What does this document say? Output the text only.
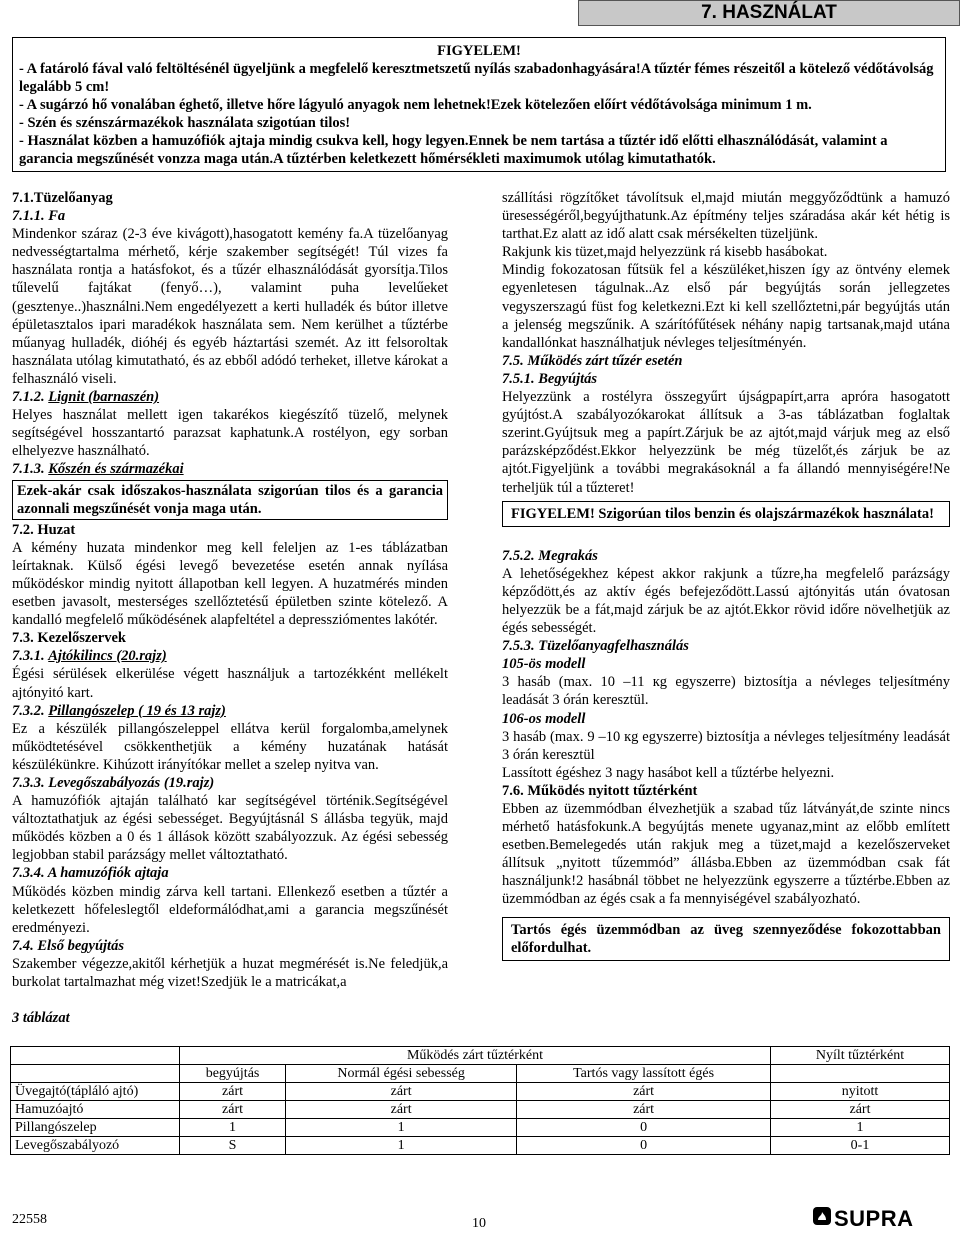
7. HASZNÁLAT
FIGYELEM!
- A fatároló fával való feltöltésénél ügyeljünk a megfelelő keresztmetszetű nyílás szabadonhagyására!A tűztér fémes részeitől a kötelező védőtávolság legalább 5 cm!
- A sugárzó hő vonalában éghető, illetve hőre lágyuló anyagok nem lehetnek!Ezek kötelezően előírt védőtávolsága minimum 1 m.
- Szén és szénszármazékok használata szigotúan tilos!
- Használat közben a hamuzófiók ajtaja mindig csukva kell, hogy legyen.Ennek be nem tartása a tűztér idő előtti elhasználódását, valamint a garancia megszűnését vonzza maga után.A tűztérben keletkezett hőmérsékleti maximumok utólag kimutathatók.

7.1.Tüzelőanyag

7.1.1. Fa

Mindenkor száraz (2-3 éve kivágott),hasogatott kemény fa.A tüzelőanyag nedvességtartalma mérhető, kérje szakember segítségét! Túl vizes fa használata rontja a hatásfokot, és a tűzér elhasználódását gyorsítja.Tilos tűlevelű fajtákat (fenyő…), valamint puha levelűeket (gesztenye..)használni.Nem engedélyezett a kerti hulladék és bútor illetve épületasztalos ipari maradékok használata sem. Nem kerülhet a tűztérbe műanyag hulladék, dióhéj és egyéb háztartási szemét. Az itt felsoroltak használata utólag kimutatható, és az ebből adódó terheket, illetve károkat a felhasználó viseli.

7.1.2. Lignit (barnaszén)

Helyes használat mellett igen takarékos kiegészítő tüzelő, melynek segítségével hosszantartó parazsat kaphatunk.A rostélyon, egy sorban elhelyezve használható.

7.1.3. Kőszén és származékai

Ezek-akár csak időszakos-használata szigorúan tilos és a garancia azonnali megszűnését vonja maga után.

7.2. Huzat

A kémény huzata mindenkor meg kell feleljen az 1-es táblázatban leírtaknak. Külső égési levegő bevezetése esetén annak nyílása működéskor mindig nyitott állapotban kell legyen. A huzatmérés minden esetben javasolt, mesterséges szellőztetésű épületben szinte kötelező. A kandalló megfelelő működésének alapfeltétel a depressziómentes lakótér.

7.3. Kezelőszervek

7.3.1. Ajtókilincs (20.rajz)

Égési sérülések elkerülése végett használjuk a tartozékként mellékelt ajtónyitó kart.

7.3.2. Pillangószelep ( 19 és 13 rajz)

Ez a készülék pillangószeleppel ellátva kerül forgalomba,amelynek működtetésével csökkenthetjük a kémény huzatának hatását készülékünkre. Kihúzott irányítókar mellet a szelep nyitva van.

7.3.3. Levegőszabályozás (19.rajz)

A hamuzófiók ajtaján található kar segítségével történik.Segítségével változtathatjuk az égési sebességet. Begyújtásnál S állásba tegyük, majd működés közben a 0 és 1 állások között szabályozzuk. Az égési sebesség legjobban stabil parázságy mellet változtatható.

7.3.4. A hamuzófiók ajtaja

Működés közben mindig zárva kell tartani. Ellenkező esetben a tűztér a keletkezett hőfeleslegtől eldeformálódhat,ami a garancia megszűnését eredményezi.

7.4. Első begyújtás

Szakember végezze,akitől kérhetjük a huzat megmérését is.Ne feledjük,a burkolat tartalmazhat még vizet!Szedjük le a matricákat,a

szállítási rögzítőket távolítsuk el,majd miután meggyőződtünk a hamuzó üresességéről,begyújthatunk.Az építmény teljes száradása akár két hétig is tarthat.Ez alatt az idő alatt csak mérsékelten tüzeljünk.

Rakjunk kis tüzet,majd helyezzünk rá kisebb hasábokat.

Mindig fokozatosan fűtsük fel a készüléket,hiszen így az öntvény elemek egyenletesen tágulnak..Az első pár begyújtás során jellegzetes vegyszerszagú füst fog keletkezni.Ezt ki kell szellőztetni,pár begyújtás után a jelenség megszűnik. A szárítófűtések néhány napig tartsanak,majd utána kandallónkat használhatjuk névleges teljesítményén.

7.5. Működés zárt tűzér esetén

7.5.1. Begyújtás

Helyezzünk a rostélyra összegyűrt újságpapírt,arra apróra hasogatott gyújtóst.A szabályozókarokat állítsuk a 3-as táblázatban foglaltak szerint.Gyújtsuk meg a papírt.Zárjuk be az ajtót,majd várjuk meg az első parázsképződést.Ekkor helyezzünk be még tüzelőt,és zárjuk be az ajtót.Figyeljünk a további megrakásoknál a fa állandó mennyiségére!Ne terheljük túl a tűzteret!

FIGYELEM! Szigorúan tilos benzin és olajszármazékok használata!

7.5.2. Megrakás

A lehetőségekhez képest akkor rakjunk a tűzre,ha megfelelő parázságy képződött,és az aktív égés befejeződött.Lassú ajtónyitás után óvatosan helyezzük be a fát,majd zárjuk be az ajtót.Ekkor rövid időre növelhetjük az égés sebességét.

7.5.3. Tüzelőanyagfelhasználás

105-ös modell

3 hasáb (max. 10 –11 кg egyszerre) biztosítja a névleges teljesítmény leadását 3 órán keresztül.

106-os modell

3 hasáb (max. 9 –10 кg egyszerre) biztosítja a névleges teljesítmény leadását 3 órán keresztül

Lassított égéshez 3 nagy hasábot kell a tűztérbe helyezni.

7.6. Működés nyitott tűztérként

Ebben az üzemmódban élvezhetjük a szabad tűz látványát,de szinte nincs mérhető hatásfokunk.A begyújtás menete ugyanaz,mint az előbb említett esetben.Bemelegedés után rakjuk meg a tüzet,majd a kezelőszerveket állítsuk „nyitott tűzemmód” állásba.Ebben az üzemmódban csak fát használjunk!2 hasábnál többet ne helyezzünk egyszerre a tűztérbe.Ebben az üzemmódban az égés csak a fa mennyiségével szabályozható.

Tartós égés üzemmódban az üveg szennyeződése fokozottabban előfordulhat.
3 táblázat
	Működés zárt tűztérként			Nyílt tűztérként
	begyújtás	Normál égési sebesség	Tartós vagy lassított égés	
Üvegajtó(tápláló ajtó)	zárt	zárt	zárt	nyitott
Hamuzóajtó	zárt	zárt	zárt	zárt
Pillangószelep	1	1	0	1
Levegőszabályozó	S	1	0	0-1
22558	10	SUPRA
